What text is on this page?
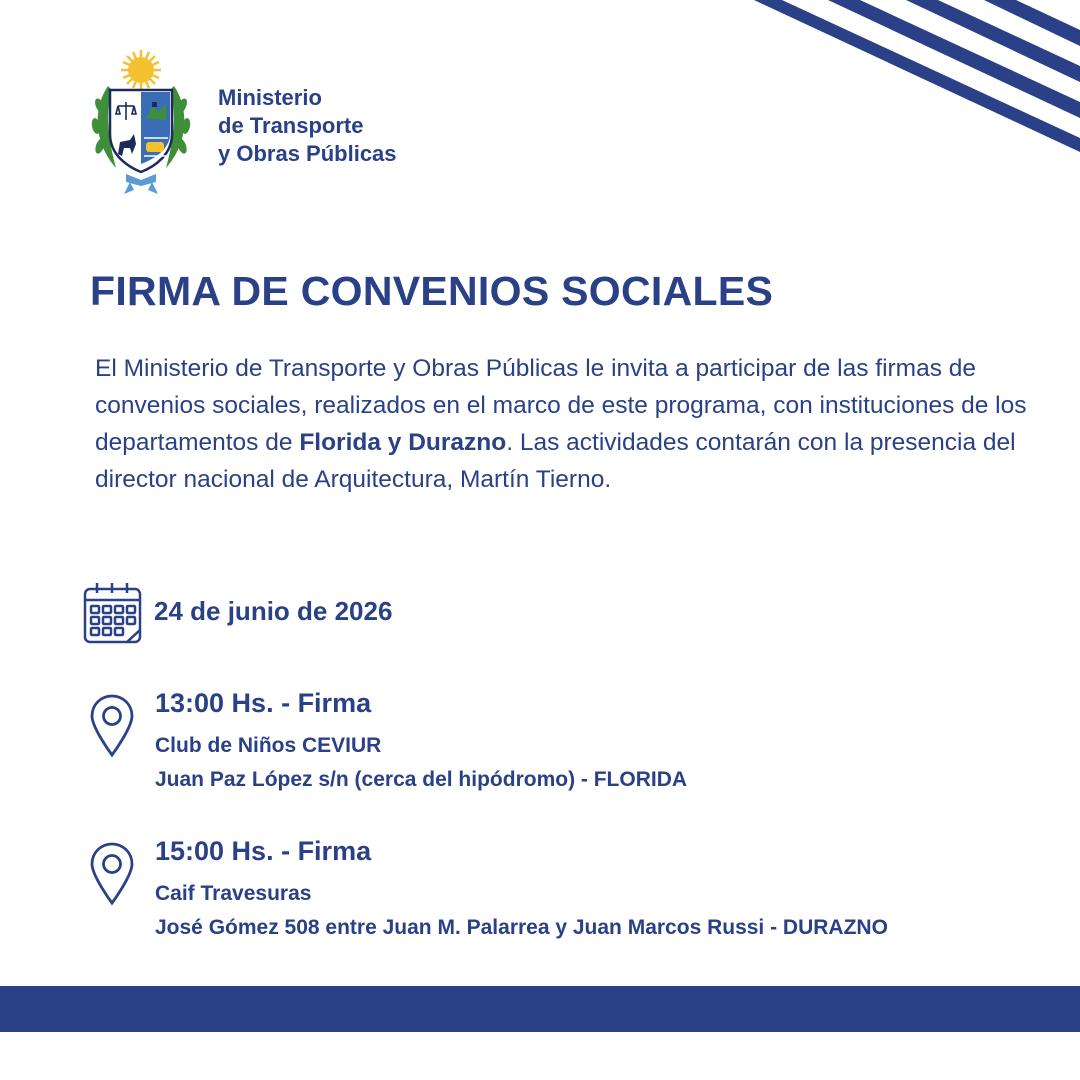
Ministerio
de Transporte
y Obras Públicas
FIRMA DE CONVENIOS SOCIALES

El Ministerio de Transporte y Obras Públicas le invita a participar de las firmas de convenios sociales, realizados en el marco de este programa, con instituciones de los departamentos de Florida y Durazno. Las actividades contarán con la presencia del director nacional de Arquitectura, Martín Tierno.

24 de junio de 2026
13:00 Hs. - Firma
Club de Niños CEVIUR
Juan Paz López s/n (cerca del hipódromo) - FLORIDA
15:00 Hs. - Firma
Caif Travesuras
José Gómez 508 entre Juan M. Palarrea y Juan Marcos Russi - DURAZNO
